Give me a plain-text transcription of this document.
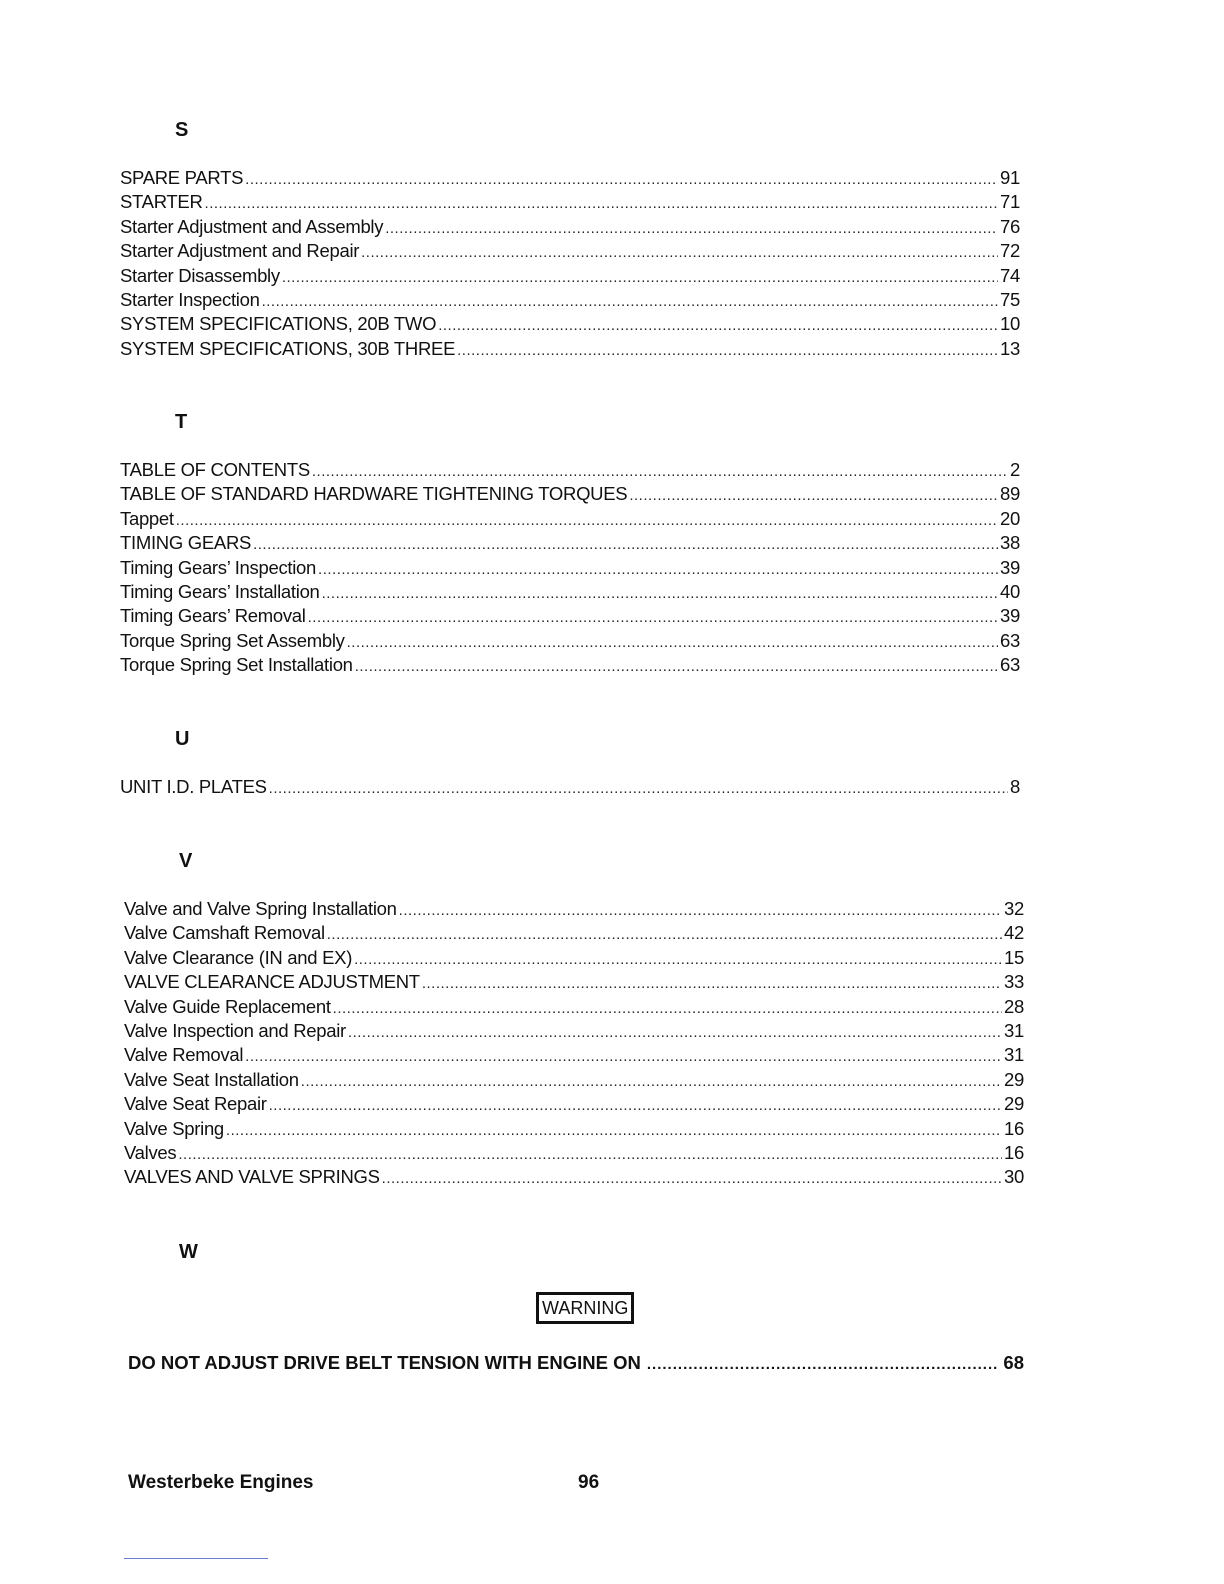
S
SPARE PARTS .....	91
STARTER .....	71
Starter Adjustment and Assembly .....	76
Starter Adjustment and Repair .....	72
Starter Disassembly .....	74
Starter Inspection .....	75
SYSTEM SPECIFICATIONS, 20B TWO .....	10
SYSTEM SPECIFICATIONS, 30B THREE .....	13
T
TABLE OF CONTENTS .....	2
TABLE OF STANDARD HARDWARE TIGHTENING TORQUES .....	89
Tappet .....	20
TIMING GEARS .....	38
Timing Gears’ Inspection .....	39
Timing Gears’ Installation .....	40
Timing Gears’ Removal .....	39
Torque Spring Set Assembly .....	63
Torque Spring Set Installation .....	63
U
UNIT I.D. PLATES .....	8
V
Valve and Valve Spring Installation .....	32
Valve Camshaft Removal .....	42
Valve Clearance (IN and EX) .....	15
VALVE CLEARANCE ADJUSTMENT .....	33
Valve Guide Replacement .....	28
Valve Inspection and Repair .....	31
Valve Removal .....	31
Valve Seat Installation .....	29
Valve Seat Repair .....	29
Valve Spring .....	16
Valves .....	16
VALVES AND VALVE SPRINGS .....	30
W
WARNING
DO NOT ADJUST DRIVE BELT TENSION WITH ENGINE ON .....	68
Westerbeke Engines	96
